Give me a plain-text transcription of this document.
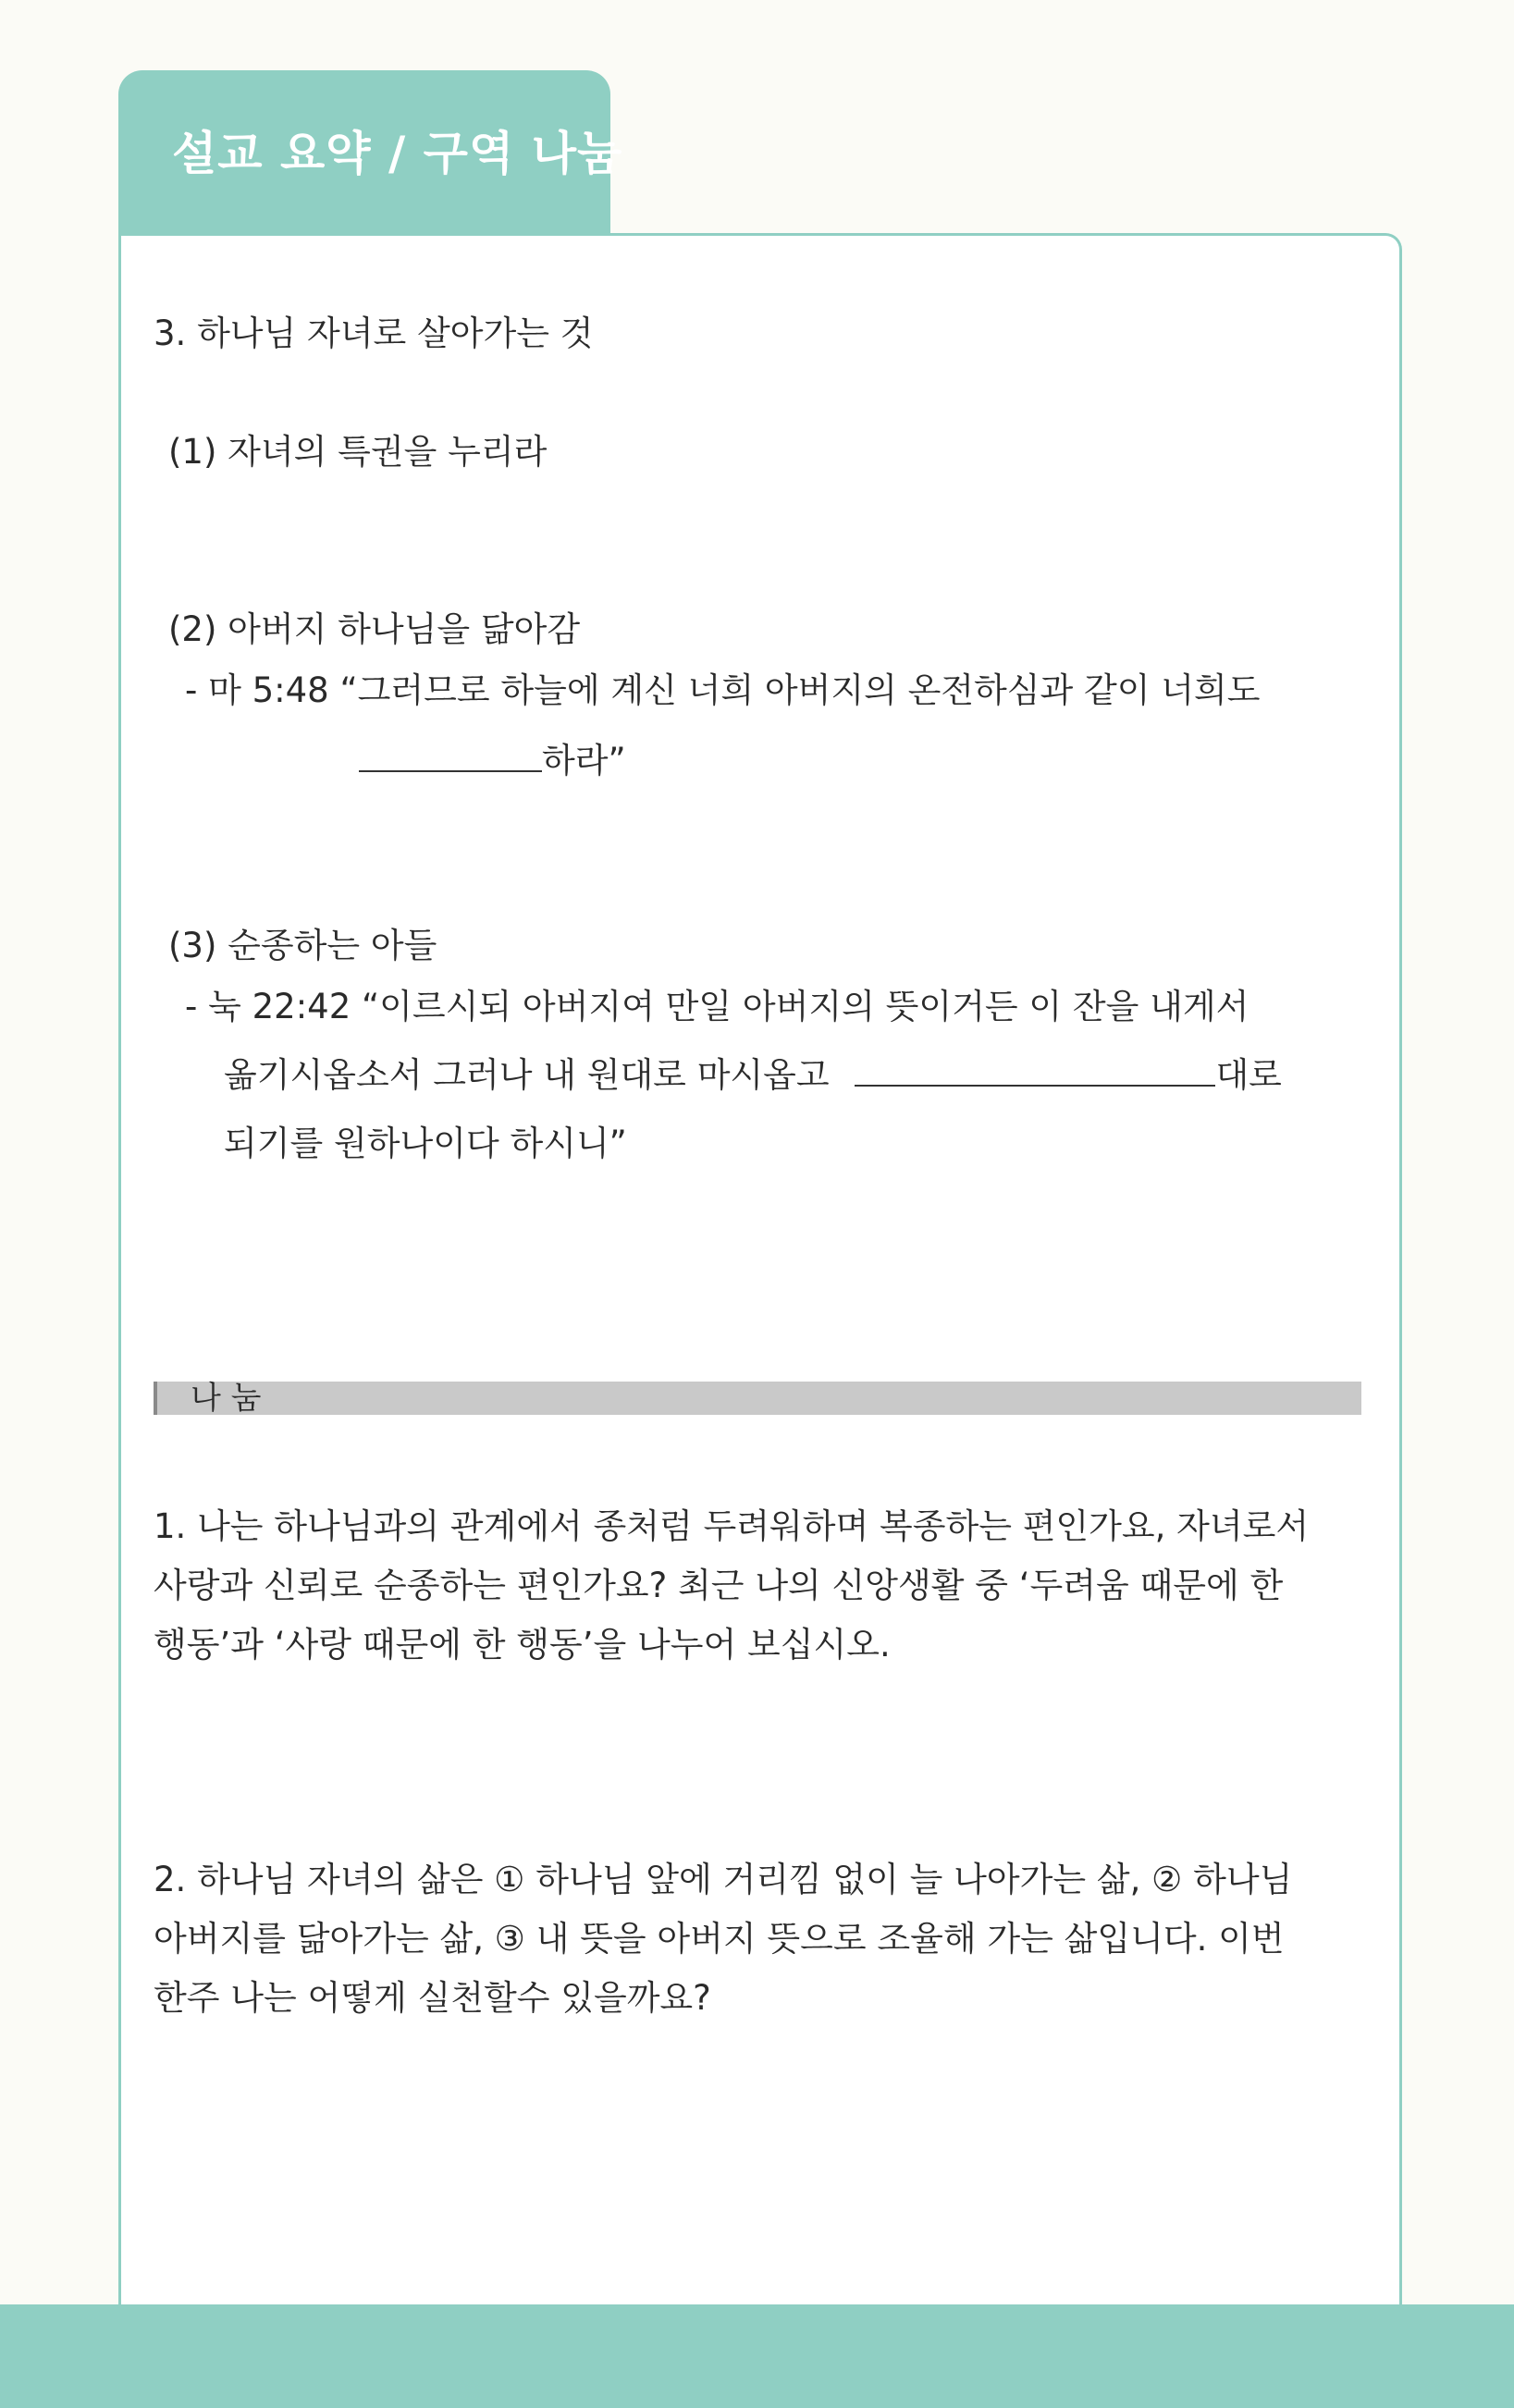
설교 요약 / 구역 나눔
3. 하나님 자녀로 살아가는 것
(1) 자녀의 특권을 누리라
(2) 아버지 하나님을 닮아감
- 마 5:48 “그러므로 하늘에 계신 너희 아버지의 온전하심과 같이 너희도
하라”
(3) 순종하는 아들
- 눅 22:42 “이르시되 아버지여 만일 아버지의 뜻이거든 이 잔을 내게서
옮기시옵소서 그러나 내 원대로 마시옵고	대로
되기를 원하나이다 하시니”
나 눔
1. 나는 하나님과의 관계에서 종처럼 두려워하며 복종하는 편인가요, 자녀로서
사랑과 신뢰로 순종하는 편인가요? 최근 나의 신앙생활 중 ‘두려움 때문에 한
행동’과 ‘사랑 때문에 한 행동’을 나누어 보십시오.
2. 하나님 자녀의 삶은 ① 하나님 앞에 거리낌 없이 늘 나아가는 삶, ② 하나님
아버지를 닮아가는 삶, ③ 내 뜻을 아버지 뜻으로 조율해 가는 삶입니다. 이번
한주 나는 어떻게 실천할수 있을까요?
